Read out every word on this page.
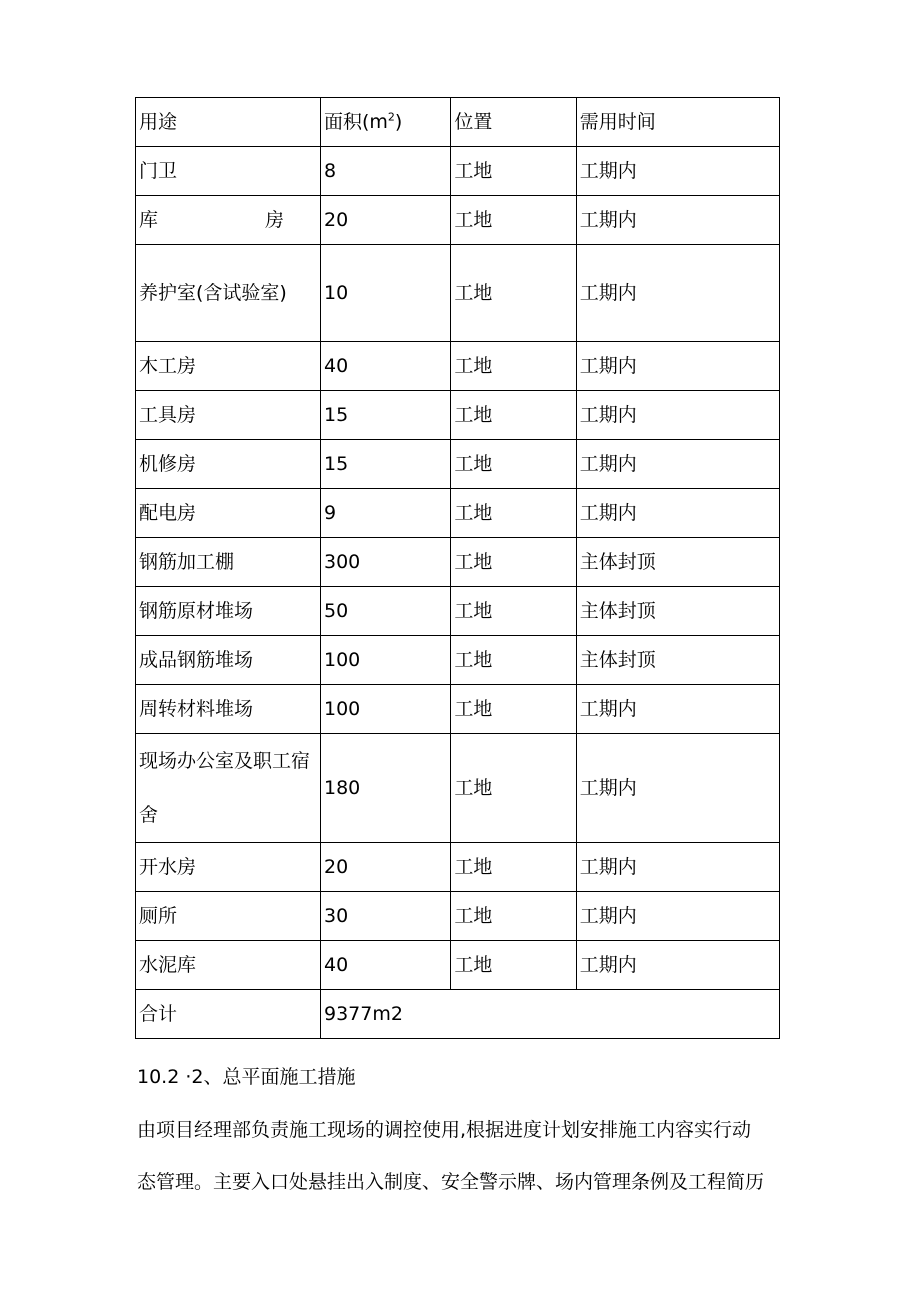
用途	面积$(m^2)$	位置	需用时间
门卫	8	工地	工期内
库　　房	20	工地	工期内
养护室(含试验室)	10	工地	工期内
木工房	40	工地	工期内
工具房	15	工地	工期内
机修房	15	工地	工期内
配电房	9	工地	工期内
钢筋加工棚	300	工地	主体封顶
钢筋原材堆场	50	工地	主体封顶
成品钢筋堆场	100	工地	主体封顶
周转材料堆场	100	工地	工期内
现场办公室及职工宿舍	180	工地	工期内
开水房	20	工地	工期内
厕所	30	工地	工期内
水泥库	40	工地	工期内
合计	9377m2		
10.2 ·2、总平面施工措施

由项目经理部负责施工现场的调控使用,根据进度计划安排施工内容实行动
态管理。主要入口处悬挂出入制度、安全警示牌、场内管理条例及工程简历
